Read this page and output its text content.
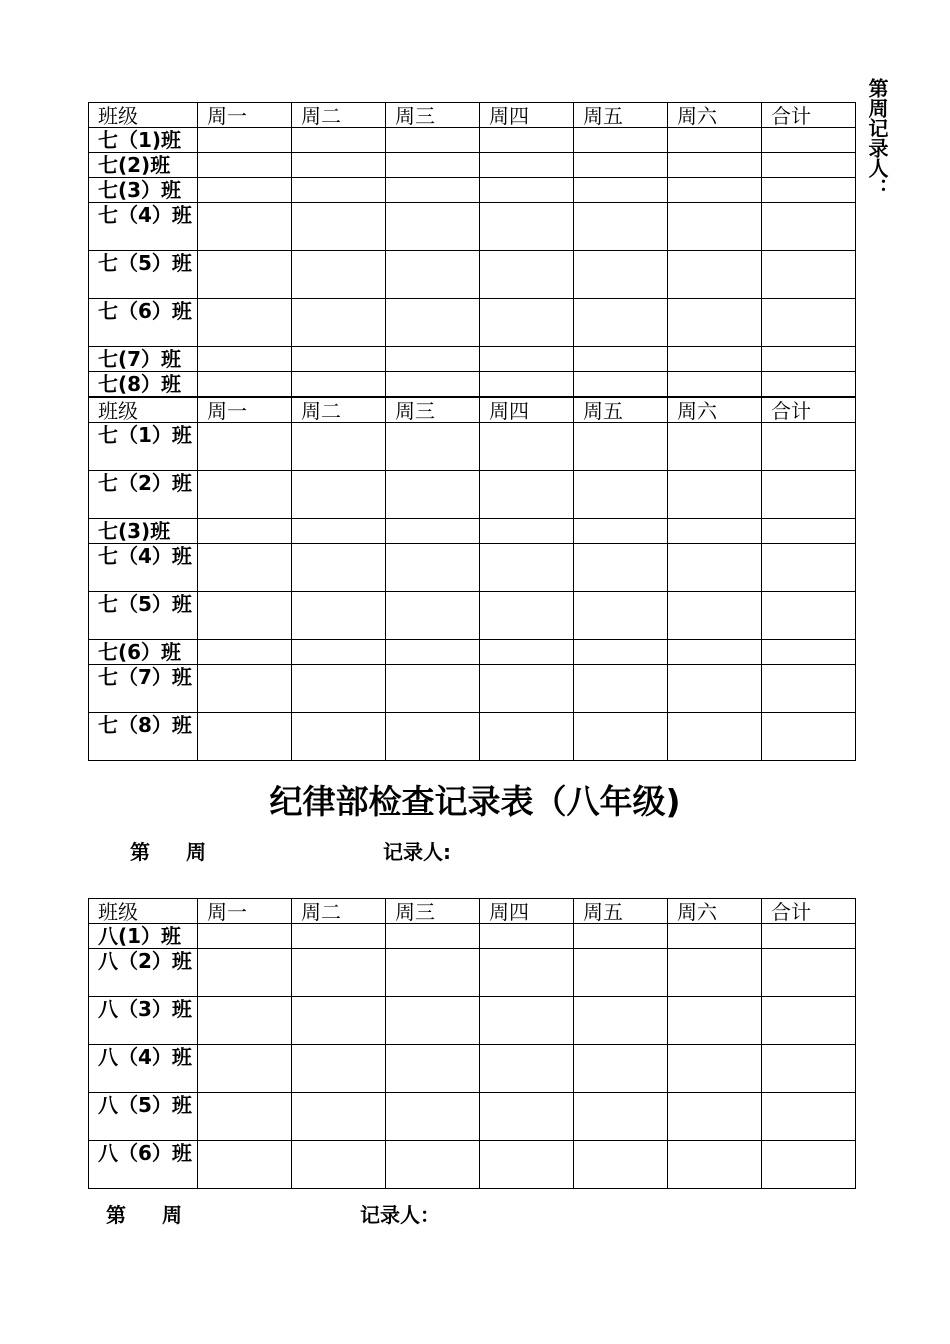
第周记录人：
班级	周一	周二	周三	周四	周五	周六	合计
七（1)班							
七(2)班							
七(3）班							
七（4）班							
七（5）班							
七（6）班							
七(7）班							
七(8）班							
班级	周一	周二	周三	周四	周五	周六	合计
七（1）班							
七（2）班							
七(3)班							
七（4）班							
七（5）班							
七(6）班							
七（7）班							
七（8）班							
纪律部检查记录表（八年级)
第 周	记录人:
班级	周一	周二	周三	周四	周五	周六	合计
八(1）班							
八（2）班							
八（3）班							
八（4）班							
八（5）班							
八（6）班							
第 周	记录人：
